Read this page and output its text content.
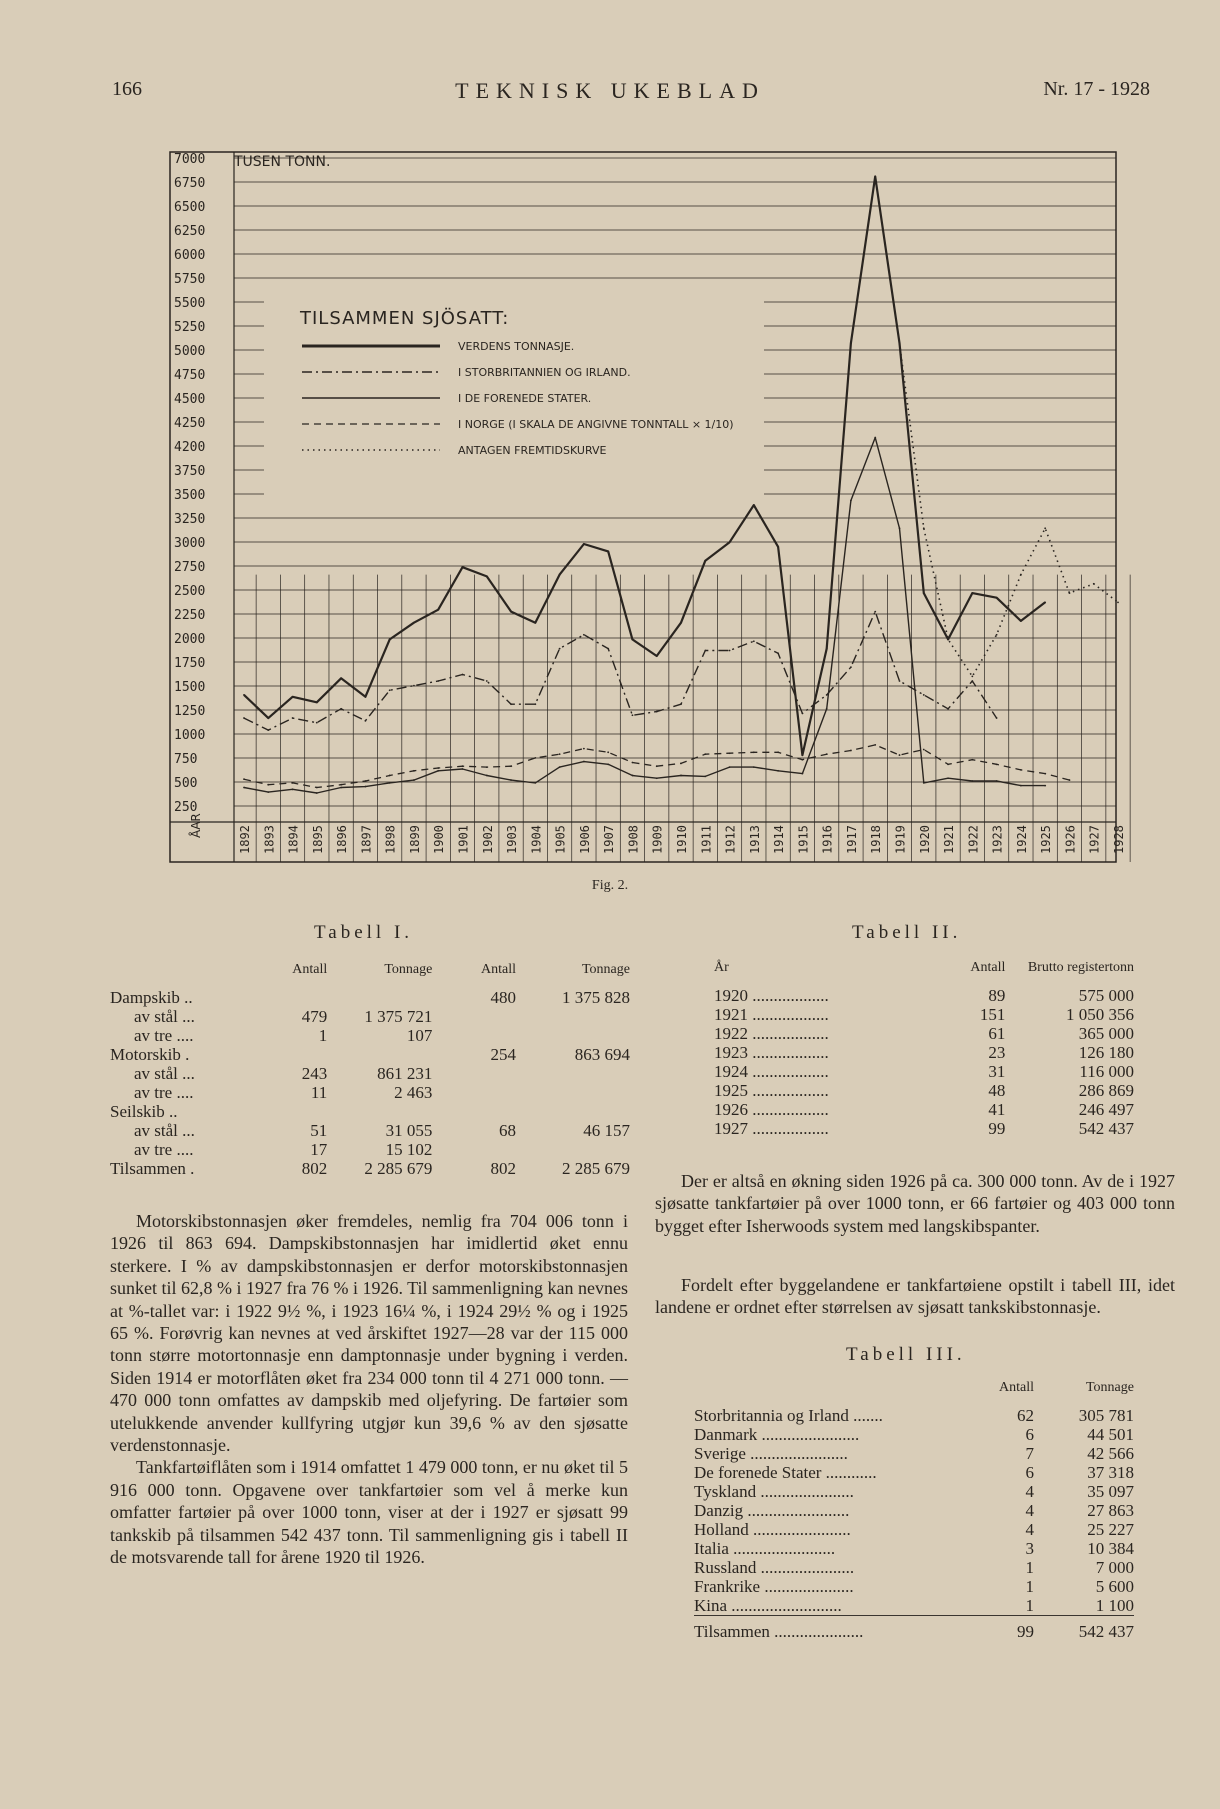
166	TEKNISK UKEBLAD	Nr. 17 - 1928
7000
6750
6500
6250
6000
5750
5500
5250
5000
4750
4500
4250
4200
3750
3500
3250
3000
2750
2500
2250
2000
1750
1500
1250
1000
750
500
250
1892 1893 1894 1895 1896 1897 1898 1899 1900 1901 1902 1903 1904 1905 1906 1907 1908 1909 1910 1911 1912 1913 1914 1915 1916 1917 1918 1919 1920 1921 1922 1923 1924 1925 1926 1927 1928
TILSAMMEN SJÖSATT:
VERDENS TONNASJE.
I STORBRITANNIEN OG IRLAND.
I DE FORENEDE STATER.
I NORGE (I SKALA DE ANGIVNE TONNTALL × 1/10)
ANTAGEN FREMTIDSKURVE
TUSEN TONN.
ÅAR
Fig. 2.
Tabell I.
	Antall	Tonnage	Antall	Tonnage
Dampskib ..			480	1 375 828
av stål ...	479	1 375 721		
av tre ....	1	107		
Motorskib .			254	863 694
av stål ...	243	861 231		
av tre ....	11	2 463		
Seilskib ..				
av stål ...	51	31 055	68	46 157
av tre ....	17	15 102		
Tilsammen .	802	2 285 679	802	2 285 679
Tabell II.
År	Antall	Brutto registertonn
1920 ..................	89	575 000
1921 ..................	151	1 050 356
1922 ..................	61	365 000
1923 ..................	23	126 180
1924 ..................	31	116 000
1925 ..................	48	286 869
1926 ..................	41	246 497
1927 ..................	99	542 437

Motorskibstonnasjen øker fremdeles, nemlig fra 704 006 tonn i 1926 til 863 694. Dampskibstonnasjen har imidlertid øket ennu sterkere. I % av dampskibstonnasjen er derfor motorskibstonnasjen sunket til 62,8 % i 1927 fra 76 % i 1926. Til sammenligning kan nevnes at %-tallet var: i 1922 9½ %, i 1923 16¼ %, i 1924 29½ % og i 1925 65 %. Forøvrig kan nevnes at ved årskiftet 1927—28 var der 115 000 tonn større motortonnasje enn damptonnasje under bygning i verden. Siden 1914 er motorflåten øket fra 234 000 tonn til 4 271 000 tonn. — 470 000 tonn omfattes av dampskib med oljefyring. De fartøier som utelukkende anvender kullfyring utgjør kun 39,6 % av den sjøsatte verdenstonnasje.

Tankfartøiflåten som i 1914 omfattet 1 479 000 tonn, er nu øket til 5 916 000 tonn. Opgavene over tankfartøier som vel å merke kun omfatter fartøier på over 1000 tonn, viser at der i 1927 er sjøsatt 99 tankskib på tilsammen 542 437 tonn. Til sammenligning gis i tabell II de motsvarende tall for årene 1920 til 1926.

Der er altså en økning siden 1926 på ca. 300 000 tonn. Av de i 1927 sjøsatte tankfartøier på over 1000 tonn, er 66 fartøier og 403 000 tonn bygget efter Isherwoods system med langskibspanter.

Fordelt efter byggelandene er tankfartøiene opstilt i tabell III, idet landene er ordnet efter størrelsen av sjøsatt tankskibstonnasje.

Tabell III.
	Antall	Tonnage
Storbritannia og Irland .......	62	305 781
Danmark .......................	6	44 501
Sverige .......................	7	42 566
De forenede Stater ............	6	37 318
Tyskland ......................	4	35 097
Danzig ........................	4	27 863
Holland .......................	4	25 227
Italia ........................	3	10 384
Russland ......................	1	7 000
Frankrike .....................	1	5 600
Kina ..........................	1	1 100
Tilsammen .....................	99	542 437
